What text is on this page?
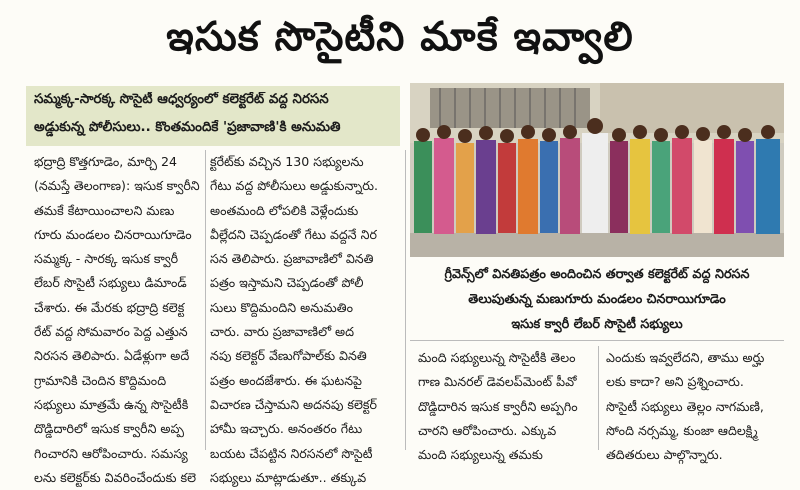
ఇసుక సొసైటీని మాకే ఇవ్వాలి
సమ్మక్క-సారక్క సొసైటీ ఆధ్వర్యంలో కలెక్టరేట్ వద్ద నిరసన
అడ్డుకున్న పోలీసులు.. కొంతమందికే 'ప్రజావాణి'కి అనుమతి
గ్రీవెన్స్‌లో వినతిపత్రం అందించిన తర్వాత కలెక్టరేట్ వద్ద నిరసన
తెలుపుతున్న మణుగూరు మండలం చినరాయిగూడెం
ఇసుక క్వారీ లేబర్ సొసైటీ సభ్యులు
భద్రాద్రి కొత్తగూడెం, మార్చి 24
(నమస్తే తెలంగాణ): ఇసుక క్వారీని
తమకే కేటాయించాలని మణు
గూరు మండలం చినరాయిగూడెం
సమ్మక్క - సారక్క ఇసుక క్వారీ
లేబర్ సొసైటీ సభ్యులు డిమాండ్
చేశారు. ఈ మేరకు భద్రాద్రి కలెక్ట
రేట్ వద్ద సోమవారం పెద్ద ఎత్తున
నిరసన తెలిపారు. ఏడేళ్లుగా అదే
గ్రామానికి చెందిన కొద్దిమంది
సభ్యులు మాత్రమే ఉన్న సొసైటీకి
దొడ్డిదారిలో ఇసుక క్వారీని అప్ప
గించారని ఆరోపించారు. సమస్య
లను కలెక్టర్‌కు వివరించేందుకు కలె
క్టరేట్‌కు వచ్చిన 130 సభ్యులను
గేటు వద్ద పోలీసులు అడ్డుకున్నారు.
అంతమంది లోపలికి వెళ్లేందుకు
వీల్లేదని చెప్పడంతో గేటు వద్దనే నిర
సన తెలిపారు. ప్రజావాణిలో వినతి
పత్రం ఇస్తామని చెప్పడంతో పోలీ
సులు కొద్దిమందిని అనుమతిం
చారు. వారు ప్రజావాణిలో అద
నపు కలెక్టర్ వేణుగోపాల్‌కు వినతి
పత్రం అందజేశారు. ఈ ఘటనపై
విచారణ చేస్తామని అదనపు కలెక్టర్
హామీ ఇచ్చారు. అనంతరం గేటు
బయట చేపట్టిన నిరసనలో సొసైటీ
సభ్యులు మాట్లాడుతూ.. తక్కువ
మంది సభ్యులున్న సొసైటీకి తెలం
గాణ మినరల్ డెవలప్‌మెంట్ పీవో
దొడ్డిదారిన ఇసుక క్వారీని అప్పగిం
చారని ఆరోపించారు. ఎక్కువ
మంది సభ్యులున్న తమకు
ఎందుకు ఇవ్వలేదని, తాము అర్హు
లకు కాదా? అని ప్రశ్నించారు.
సొసైటీ సభ్యులు తెల్లం నాగమణి,
సోంది నర్సమ్మ, కుంజా ఆదిలక్ష్మి
తదితరులు పాల్గొన్నారు.
